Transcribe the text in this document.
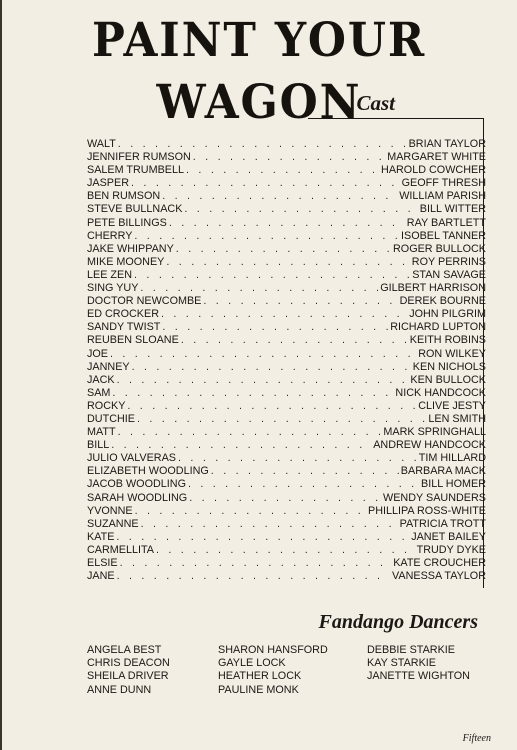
PAINT YOUR WAGON
Cast
WALT . . .	BRIAN TAYLOR
JENNIFER RUMSON . . .	MARGARET WHITE
SALEM TRUMBELL . . .	HAROLD COWCHER
JASPER . . .	GEOFF THRESH
BEN RUMSON . . .	WILLIAM PARISH
STEVE BULLNACK . . .	BILL WITTER
PETE BILLINGS . . .	RAY BARTLETT
CHERRY . . .	ISOBEL TANNER
JAKE WHIPPANY . . .	ROGER BULLOCK
MIKE MOONEY . . .	ROY PERRINS
LEE ZEN . . .	STAN SAVAGE
SING YUY . . .	GILBERT HARRISON
DOCTOR NEWCOMBE . . .	DEREK BOURNE
ED CROCKER . . .	JOHN PILGRIM
SANDY TWIST . . .	RICHARD LUPTON
REUBEN SLOANE . . .	KEITH ROBINS
JOE . . .	RON WILKEY
JANNEY . . .	KEN NICHOLS
JACK . . .	KEN BULLOCK
SAM . . .	NICK HANDCOCK
ROCKY . . .	CLIVE JESTY
DUTCHIE . . .	LEN SMITH
MATT . . .	MARK SPRINGHALL
BILL . . .	ANDREW HANDCOCK
JULIO VALVERAS . . .	TIM HILLARD
ELIZABETH WOODLING . . .	BARBARA MACK
JACOB WOODLING . . .	BILL HOMER
SARAH WOODLING . . .	WENDY SAUNDERS
YVONNE . . .	PHILLIPA ROSS-WHITE
SUZANNE . . .	PATRICIA TROTT
KATE . . .	JANET BAILEY
CARMELLITA . . .	TRUDY DYKE
ELSIE . . .	KATE CROUCHER
JANE . . .	VANESSA TAYLOR
Fandango Dancers
ANGELA BEST
CHRIS DEACON
SHEILA DRIVER
ANNE DUNN
SHARON HANSFORD
GAYLE LOCK
HEATHER LOCK
PAULINE MONK
DEBBIE STARKIE
KAY STARKIE
JANETTE WIGHTON
Fifteen
